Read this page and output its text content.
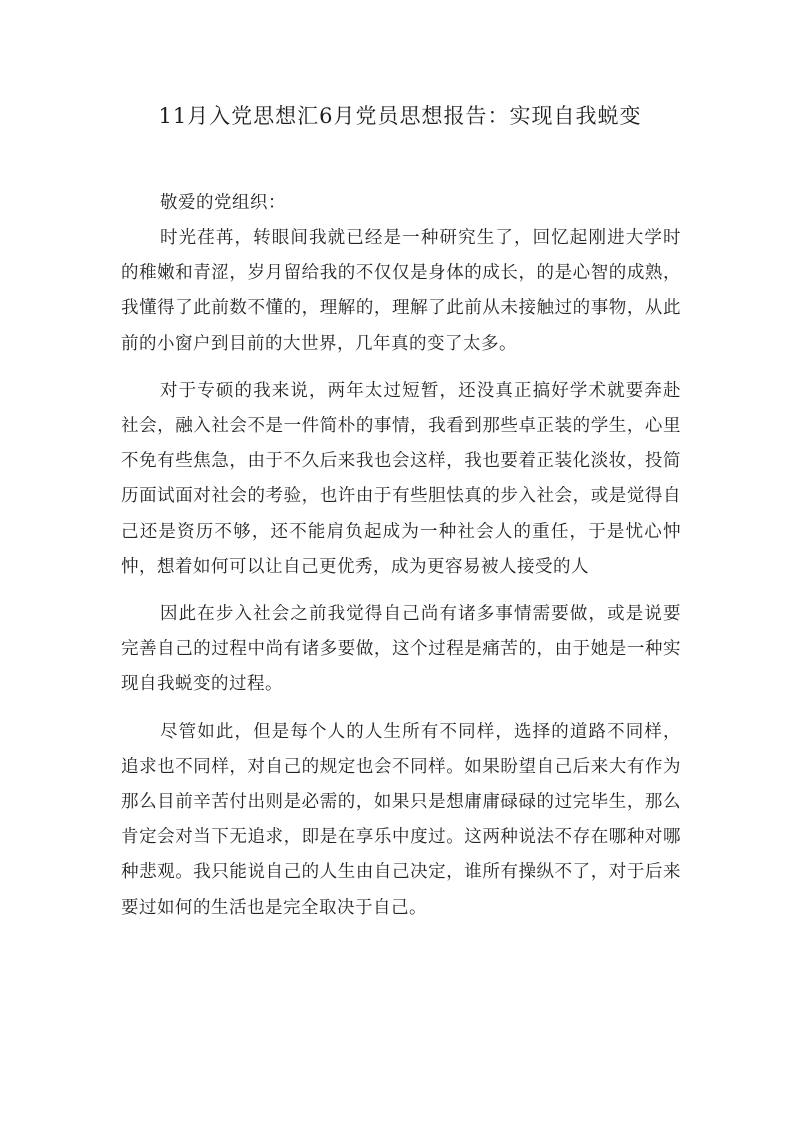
11月入党思想汇6月党员思想报告：实现自我蜕变

敬爱的党组织：

时光荏苒，转眼间我就已经是一种研究生了，回忆起刚进大学时的稚嫩和青涩，岁月留给我的不仅仅是身体的成长，的是心智的成熟，我懂得了此前数不懂的，理解的，理解了此前从未接触过的事物，从此前的小窗户到目前的大世界，几年真的变了太多。

对于专硕的我来说，两年太过短暂，还没真正搞好学术就要奔赴社会，融入社会不是一件简朴的事情，我看到那些卓正装的学生，心里不免有些焦急，由于不久后来我也会这样，我也要着正装化淡妆，投简历面试面对社会的考验，也许由于有些胆怯真的步入社会，或是觉得自己还是资历不够，还不能肩负起成为一种社会人的重任，于是忧心忡忡，想着如何可以让自己更优秀，成为更容易被人接受的人

因此在步入社会之前我觉得自己尚有诸多事情需要做，或是说要完善自己的过程中尚有诸多要做，这个过程是痛苦的，由于她是一种实现自我蜕变的过程。

尽管如此，但是每个人的人生所有不同样，选择的道路不同样，追求也不同样，对自己的规定也会不同样。如果盼望自己后来大有作为那么目前辛苦付出则是必需的，如果只是想庸庸碌碌的过完毕生，那么肯定会对当下无追求，即是在享乐中度过。这两种说法不存在哪种对哪种悲观。我只能说自己的人生由自己决定，谁所有操纵不了，对于后来要过如何的生活也是完全取决于自己。
